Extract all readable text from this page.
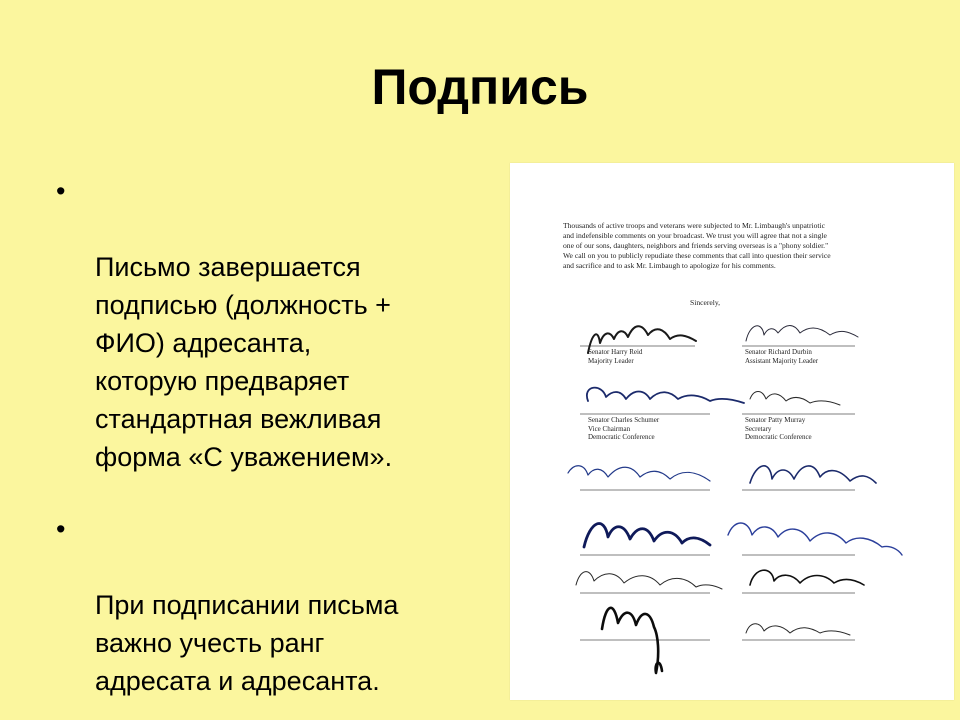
Подпись

•

Письмо завершается
подписью (должность +
ФИО) адресанта,
которую предваряет
стандартная вежливая
форма «С уважением».

•

При подписании письма
важно учесть ранг
адресата и адресанта.

Thousands of active troops and veterans were subjected to Mr. Limbaugh's unpatriotic
and indefensible comments on your broadcast. We trust you will agree that not a single
one of our sons, daughters, neighbors and friends serving overseas is a "phony soldier."
We call on you to publicly repudiate these comments that call into question their service
and sacrifice and to ask Mr. Limbaugh to apologize for his comments.
Sincerely,
Senator Harry Reid
Majority Leader
Senator Richard Durbin
Assistant Majority Leader
Senator Charles Schumer
Vice Chairman
Democratic Conference
Senator Patty Murray
Secretary
Democratic Conference
